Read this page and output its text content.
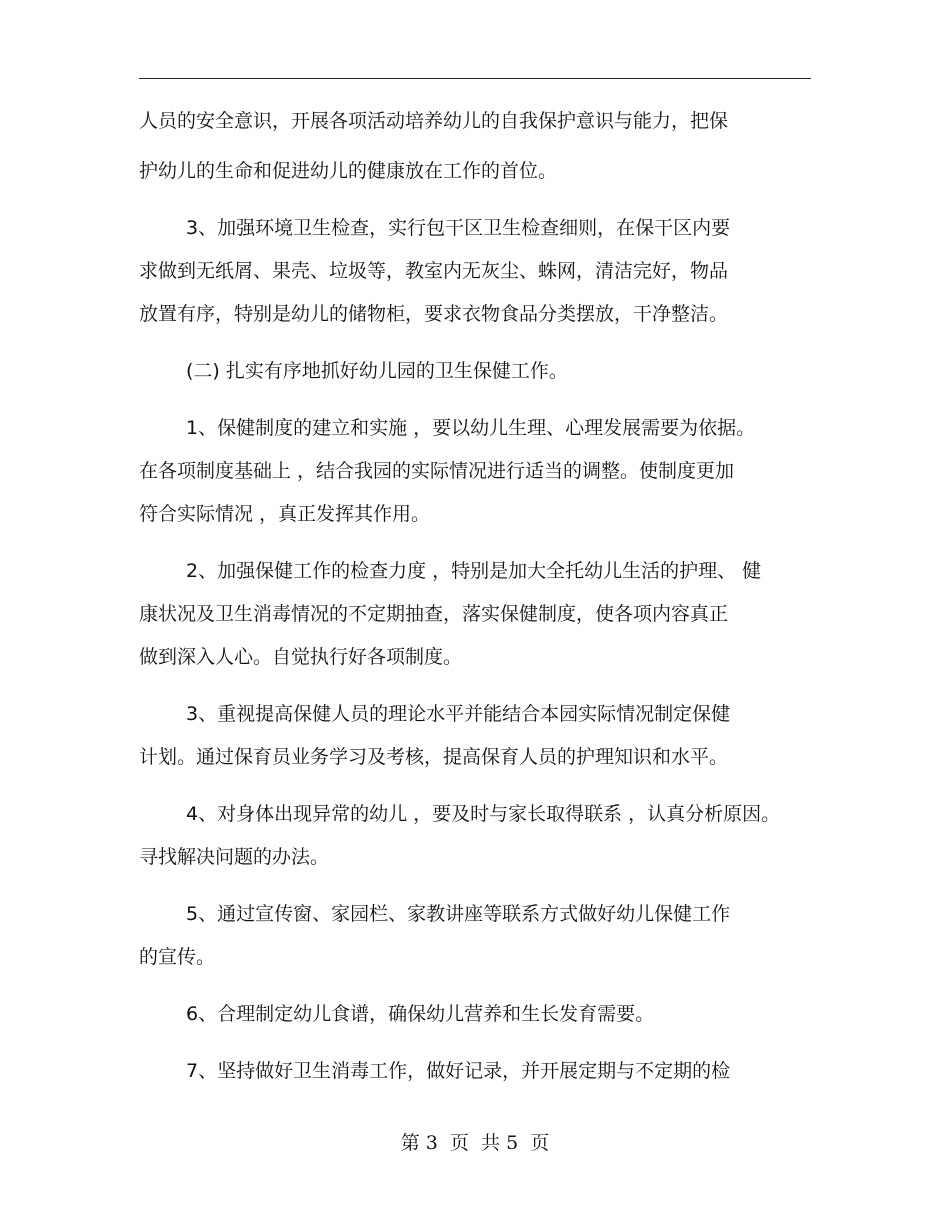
人员的安全意识，开展各项活动培养幼儿的自我保护意识与能力，把保
护幼儿的生命和促进幼儿的健康放在工作的首位。
3、加强环境卫生检查，实行包干区卫生检查细则，在保干区内要
求做到无纸屑、果壳、垃圾等，教室内无灰尘、蛛网，清洁完好，物品
放置有序，特别是幼儿的储物柜，要求衣物食品分类摆放，干净整洁。
(二) 扎实有序地抓好幼儿园的卫生保健工作。
1、保健制度的建立和实施 ，要以幼儿生理、心理发展需要为依据。
在各项制度基础上 ，结合我园的实际情况进行适当的调整。使制度更加
符合实际情况 ，真正发挥其作用。
2、加强保健工作的检查力度 ，特别是加大全托幼儿生活的护理、 健
康状况及卫生消毒情况的不定期抽查，落实保健制度，使各项内容真正
做到深入人心。自觉执行好各项制度。
3、重视提高保健人员的理论水平并能结合本园实际情况制定保健
计划。通过保育员业务学习及考核，提高保育人员的护理知识和水平。
4、对身体出现异常的幼儿 ，要及时与家长取得联系 ，认真分析原因。
寻找解决问题的办法。
5、通过宣传窗、家园栏、家教讲座等联系方式做好幼儿保健工作
的宣传。
6、合理制定幼儿食谱，确保幼儿营养和生长发育需要。
7、坚持做好卫生消毒工作，做好记录，并开展定期与不定期的检
第 3  页  共 5  页
